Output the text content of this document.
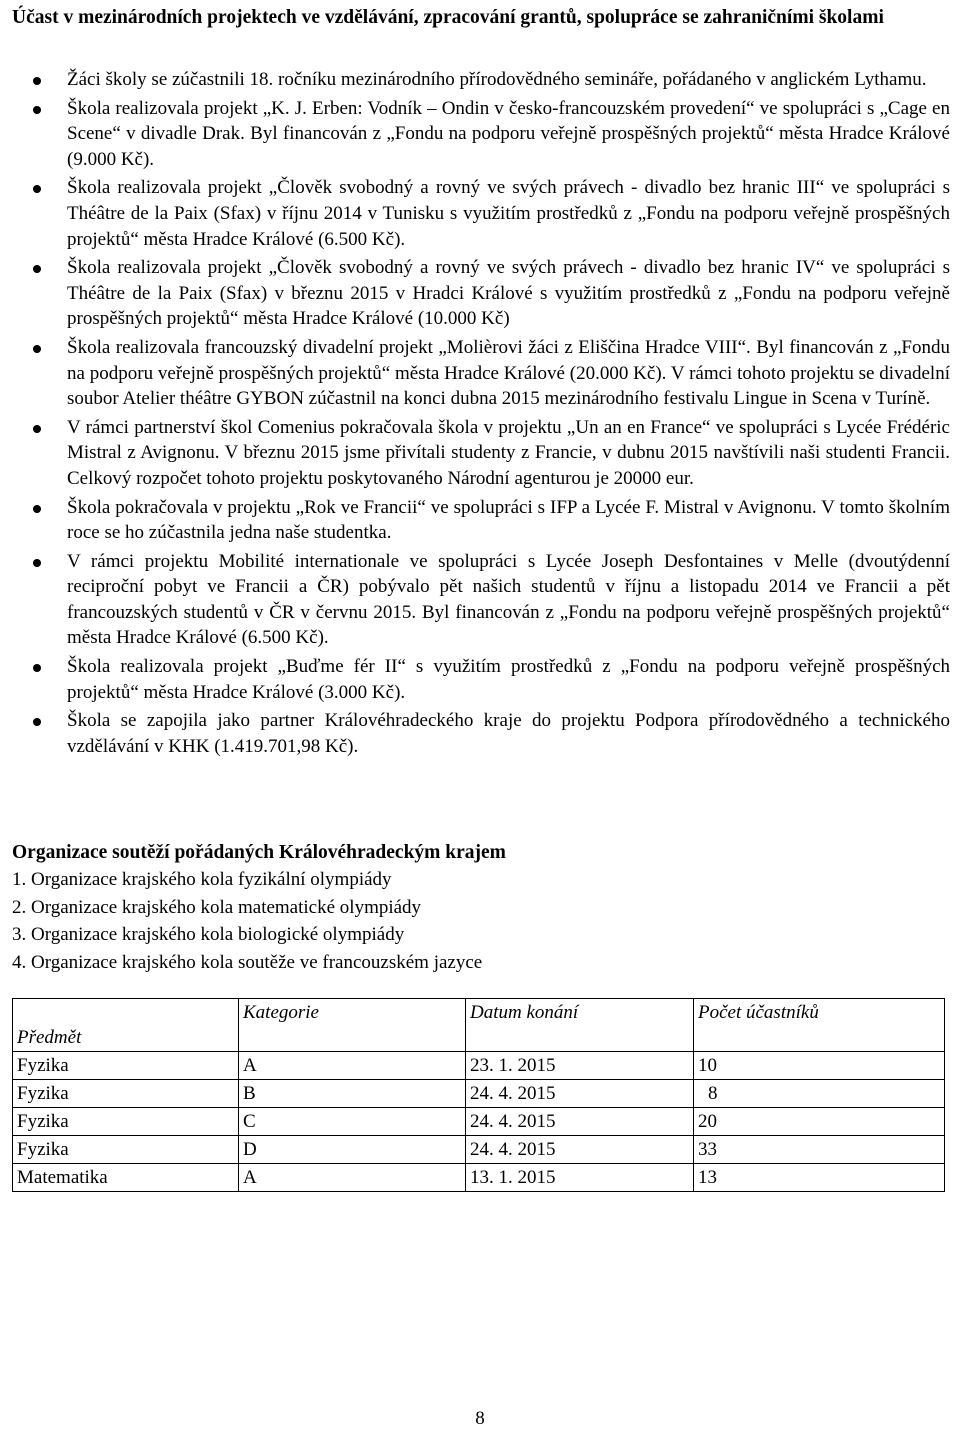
Účast v mezinárodních projektech ve vzdělávání, zpracování grantů, spolupráce se zahraničními školami
Žáci školy se zúčastnili 18. ročníku mezinárodního přírodovědného semináře, pořádaného v anglickém Lythamu.
Škola realizovala projekt „K. J. Erben: Vodník – Ondin v česko-francouzském provedení“ ve spolupráci s „Cage en Scene“ v divadle Drak. Byl financován z „Fondu na podporu veřejně prospěšných projektů“ města Hradce Králové (9.000 Kč).
Škola realizovala projekt „Člověk svobodný a rovný ve svých právech - divadlo bez hranic III“ ve spolupráci s Théâtre de la Paix (Sfax) v říjnu 2014 v Tunisku s využitím prostředků z „Fondu na podporu veřejně prospěšných projektů“ města Hradce Králové (6.500 Kč).
Škola realizovala projekt „Člověk svobodný a rovný ve svých právech - divadlo bez hranic IV“ ve spolupráci s Théâtre de la Paix (Sfax) v březnu 2015 v Hradci Králové s využitím prostředků z „Fondu na podporu veřejně prospěšných projektů“ města Hradce Králové (10.000 Kč)
Škola realizovala francouzský divadelní projekt „Molièrovi žáci z Eliščina Hradce VIII“. Byl financován z „Fondu na podporu veřejně prospěšných projektů“ města Hradce Králové (20.000 Kč). V rámci tohoto projektu se divadelní soubor Atelier théâtre GYBON zúčastnil na konci dubna 2015 mezinárodního festivalu Lingue in Scena v Turíně.
V rámci partnerství škol Comenius pokračovala škola v projektu „Un an en France“ ve spolupráci s Lycée Frédéric Mistral z Avignonu. V březnu 2015 jsme přivítali studenty z Francie, v dubnu 2015 navštívili naši studenti Francii. Celkový rozpočet tohoto projektu poskytovaného Národní agenturou je 20000 eur.
Škola pokračovala v projektu „Rok ve Francii“ ve spolupráci s IFP a Lycée F. Mistral v Avignonu. V tomto školním roce se ho zúčastnila jedna naše studentka.
V rámci projektu Mobilité internationale ve spolupráci s Lycée Joseph Desfontaines v Melle (dvoutýdenní reciproční pobyt ve Francii a ČR) pobývalo pět našich studentů v říjnu a listopadu 2014 ve Francii a pět francouzských studentů v ČR v červnu 2015. Byl financován z „Fondu na podporu veřejně prospěšných projektů“ města Hradce Králové (6.500 Kč).
Škola realizovala projekt „Buďme fér II“ s využitím prostředků z „Fondu na podporu veřejně prospěšných projektů“ města Hradce Králové (3.000 Kč).
Škola se zapojila jako partner Královéhradeckého kraje do projektu Podpora přírodovědného a technického vzdělávání v KHK (1.419.701,98 Kč).
Organizace soutěží pořádaných Královéhradeckým krajem
1. Organizace krajského kola fyzikální olympiády
2. Organizace krajského kola matematické olympiády
3. Organizace krajského kola biologické olympiády
4. Organizace krajského kola soutěže ve francouzském jazyce
Předmět	Kategorie	Datum konání	Počet účastníků
Fyzika	A	23. 1. 2015	10
Fyzika	B	24. 4. 2015	8
Fyzika	C	24. 4. 2015	20
Fyzika	D	24. 4. 2015	33
Matematika	A	13. 1. 2015	13
8
